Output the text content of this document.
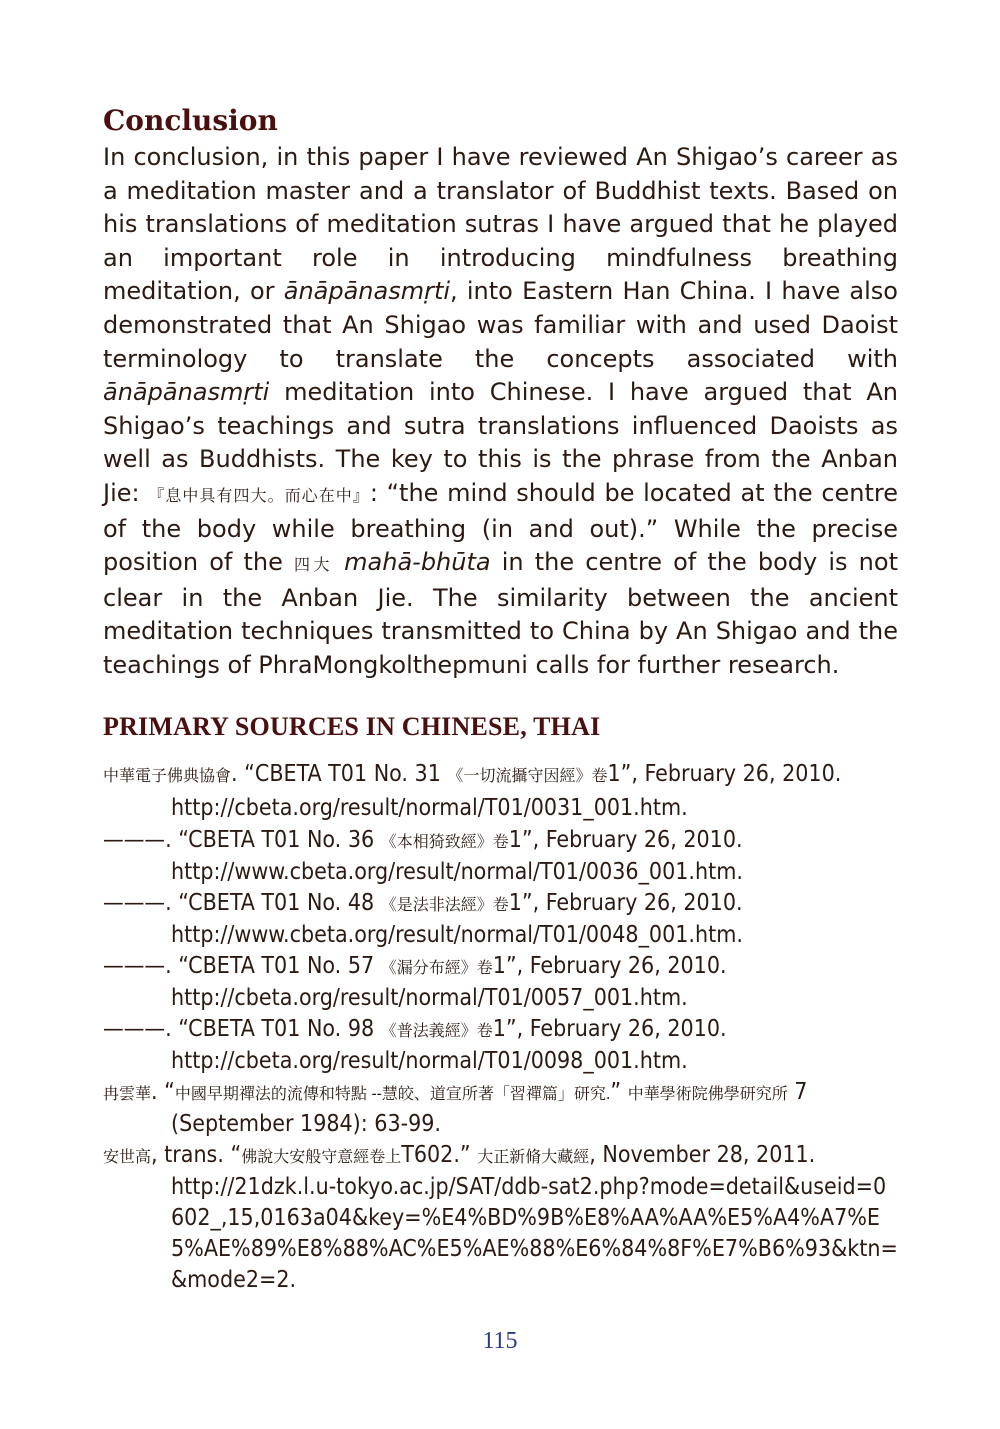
Conclusion

In conclusion, in this paper I have reviewed An Shigao’s career as a meditation master and a translator of Buddhist texts. Based on his translations of meditation sutras I have argued that he played an important role in introducing mindfulness breathing meditation, or ānāpānasmṛti, into Eastern Han China. I have also demonstrated that An Shigao was familiar with and used Daoist terminology to translate the concepts associated with ānāpānasmṛti meditation into Chinese. I have argued that An Shigao’s teachings and sutra translations influenced Daoists as well as Buddhists. The key to this is the phrase from the Anban Jie: 『息中具有四大。而心在中』: “the mind should be located at the centre of the body while breathing (in and out).” While the precise position of the 四大 mahā-bhūta in the centre of the body is not clear in the Anban Jie. The similarity between the ancient meditation techniques transmitted to China by An Shigao and the teachings of PhraMongkolthepmuni calls for further research.

PRIMARY SOURCES IN CHINESE, THAI

中華電子佛典協會. “CBETA T01 No. 31 《一切流攝守因經》卷1”, February 26, 2010.
http://cbeta.org/result/normal/T01/0031_001.htm.

———. “CBETA T01 No. 36 《本相猗致經》卷1”, February 26, 2010.
http://www.cbeta.org/result/normal/T01/0036_001.htm.

———. “CBETA T01 No. 48 《是法非法經》卷1”, February 26, 2010.
http://www.cbeta.org/result/normal/T01/0048_001.htm.

———. “CBETA T01 No. 57 《漏分布經》卷1”, February 26, 2010.
http://cbeta.org/result/normal/T01/0057_001.htm.

———. “CBETA T01 No. 98 《普法義經》卷1”, February 26, 2010.
http://cbeta.org/result/normal/T01/0098_001.htm.

冉雲華. “中國早期禪法的流傳和特點 --慧皎、道宣所著「習禪篇」研究.” 中華學術院佛學研究所 7 (September 1984): 63-99.

安世高, trans. “佛說大安般守意經卷上T602.” 大正新脩大藏經, November 28, 2011.
http://21dzk.l.u-tokyo.ac.jp/SAT/ddb-sat2.php?mode=detail&useid=0602_,15,0163a04&key=%E4%BD%9B%E8%AA%AA%E5%A4%A7%E5%AE%89%E8%88%AC%E5%AE%88%E6%84%8F%E7%B6%93&ktn=&mode2=2.

115
